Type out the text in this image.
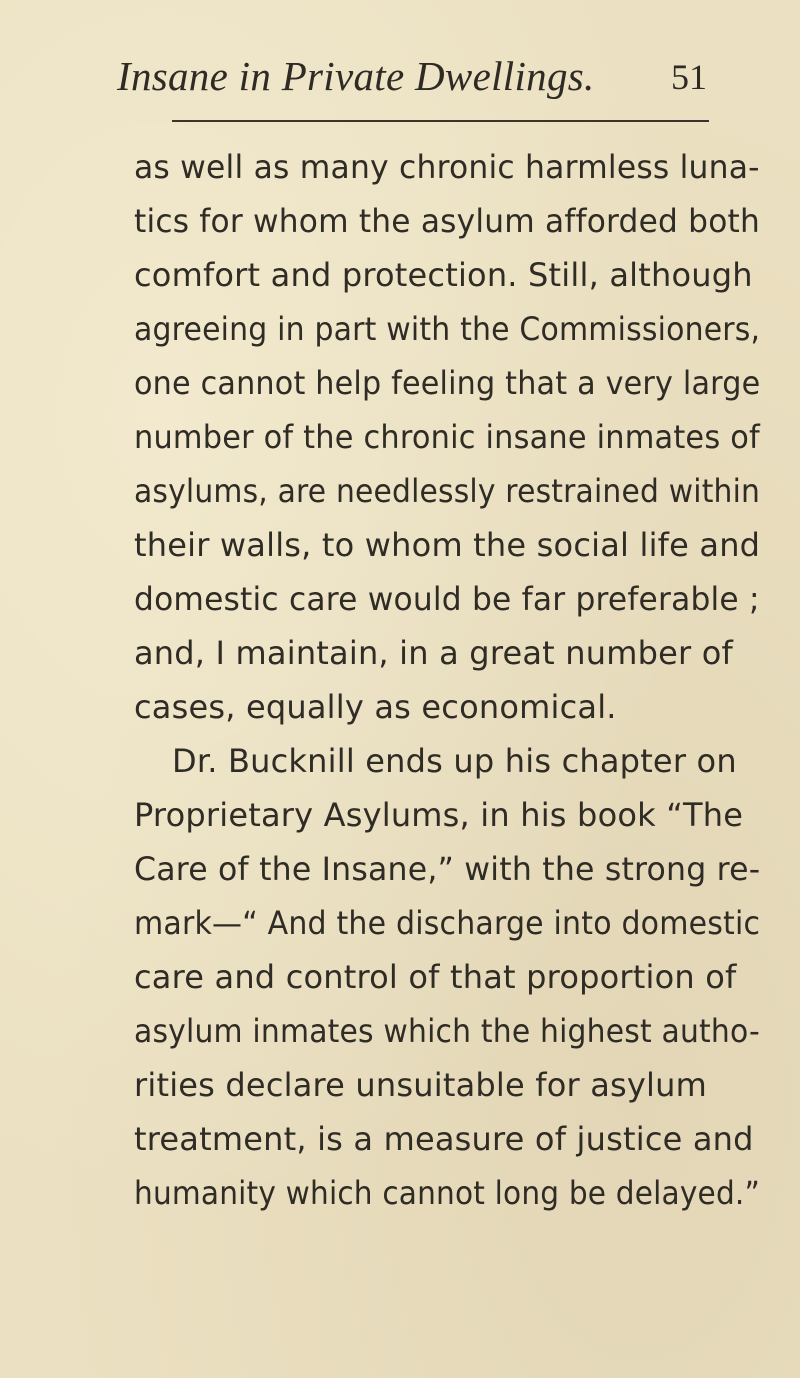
Insane in Private Dwellings. 51
as well as many chronic harmless luna-
tics for whom the asylum afforded both
comfort and protection. Still, although
agreeing in part with the Commissioners,
one cannot help feeling that a very large
number of the chronic insane inmates of
asylums, are needlessly restrained within
their walls, to whom the social life and
domestic care would be far preferable ;
and, I maintain, in a great number of
cases, equally as economical.
Dr. Bucknill ends up his chapter on
Proprietary Asylums, in his book “The
Care of the Insane,” with the strong re-
mark—“ And the discharge into domestic
care and control of that proportion of
asylum inmates which the highest autho-
rities declare unsuitable for asylum
treatment, is a measure of justice and
humanity which cannot long be delayed.”
